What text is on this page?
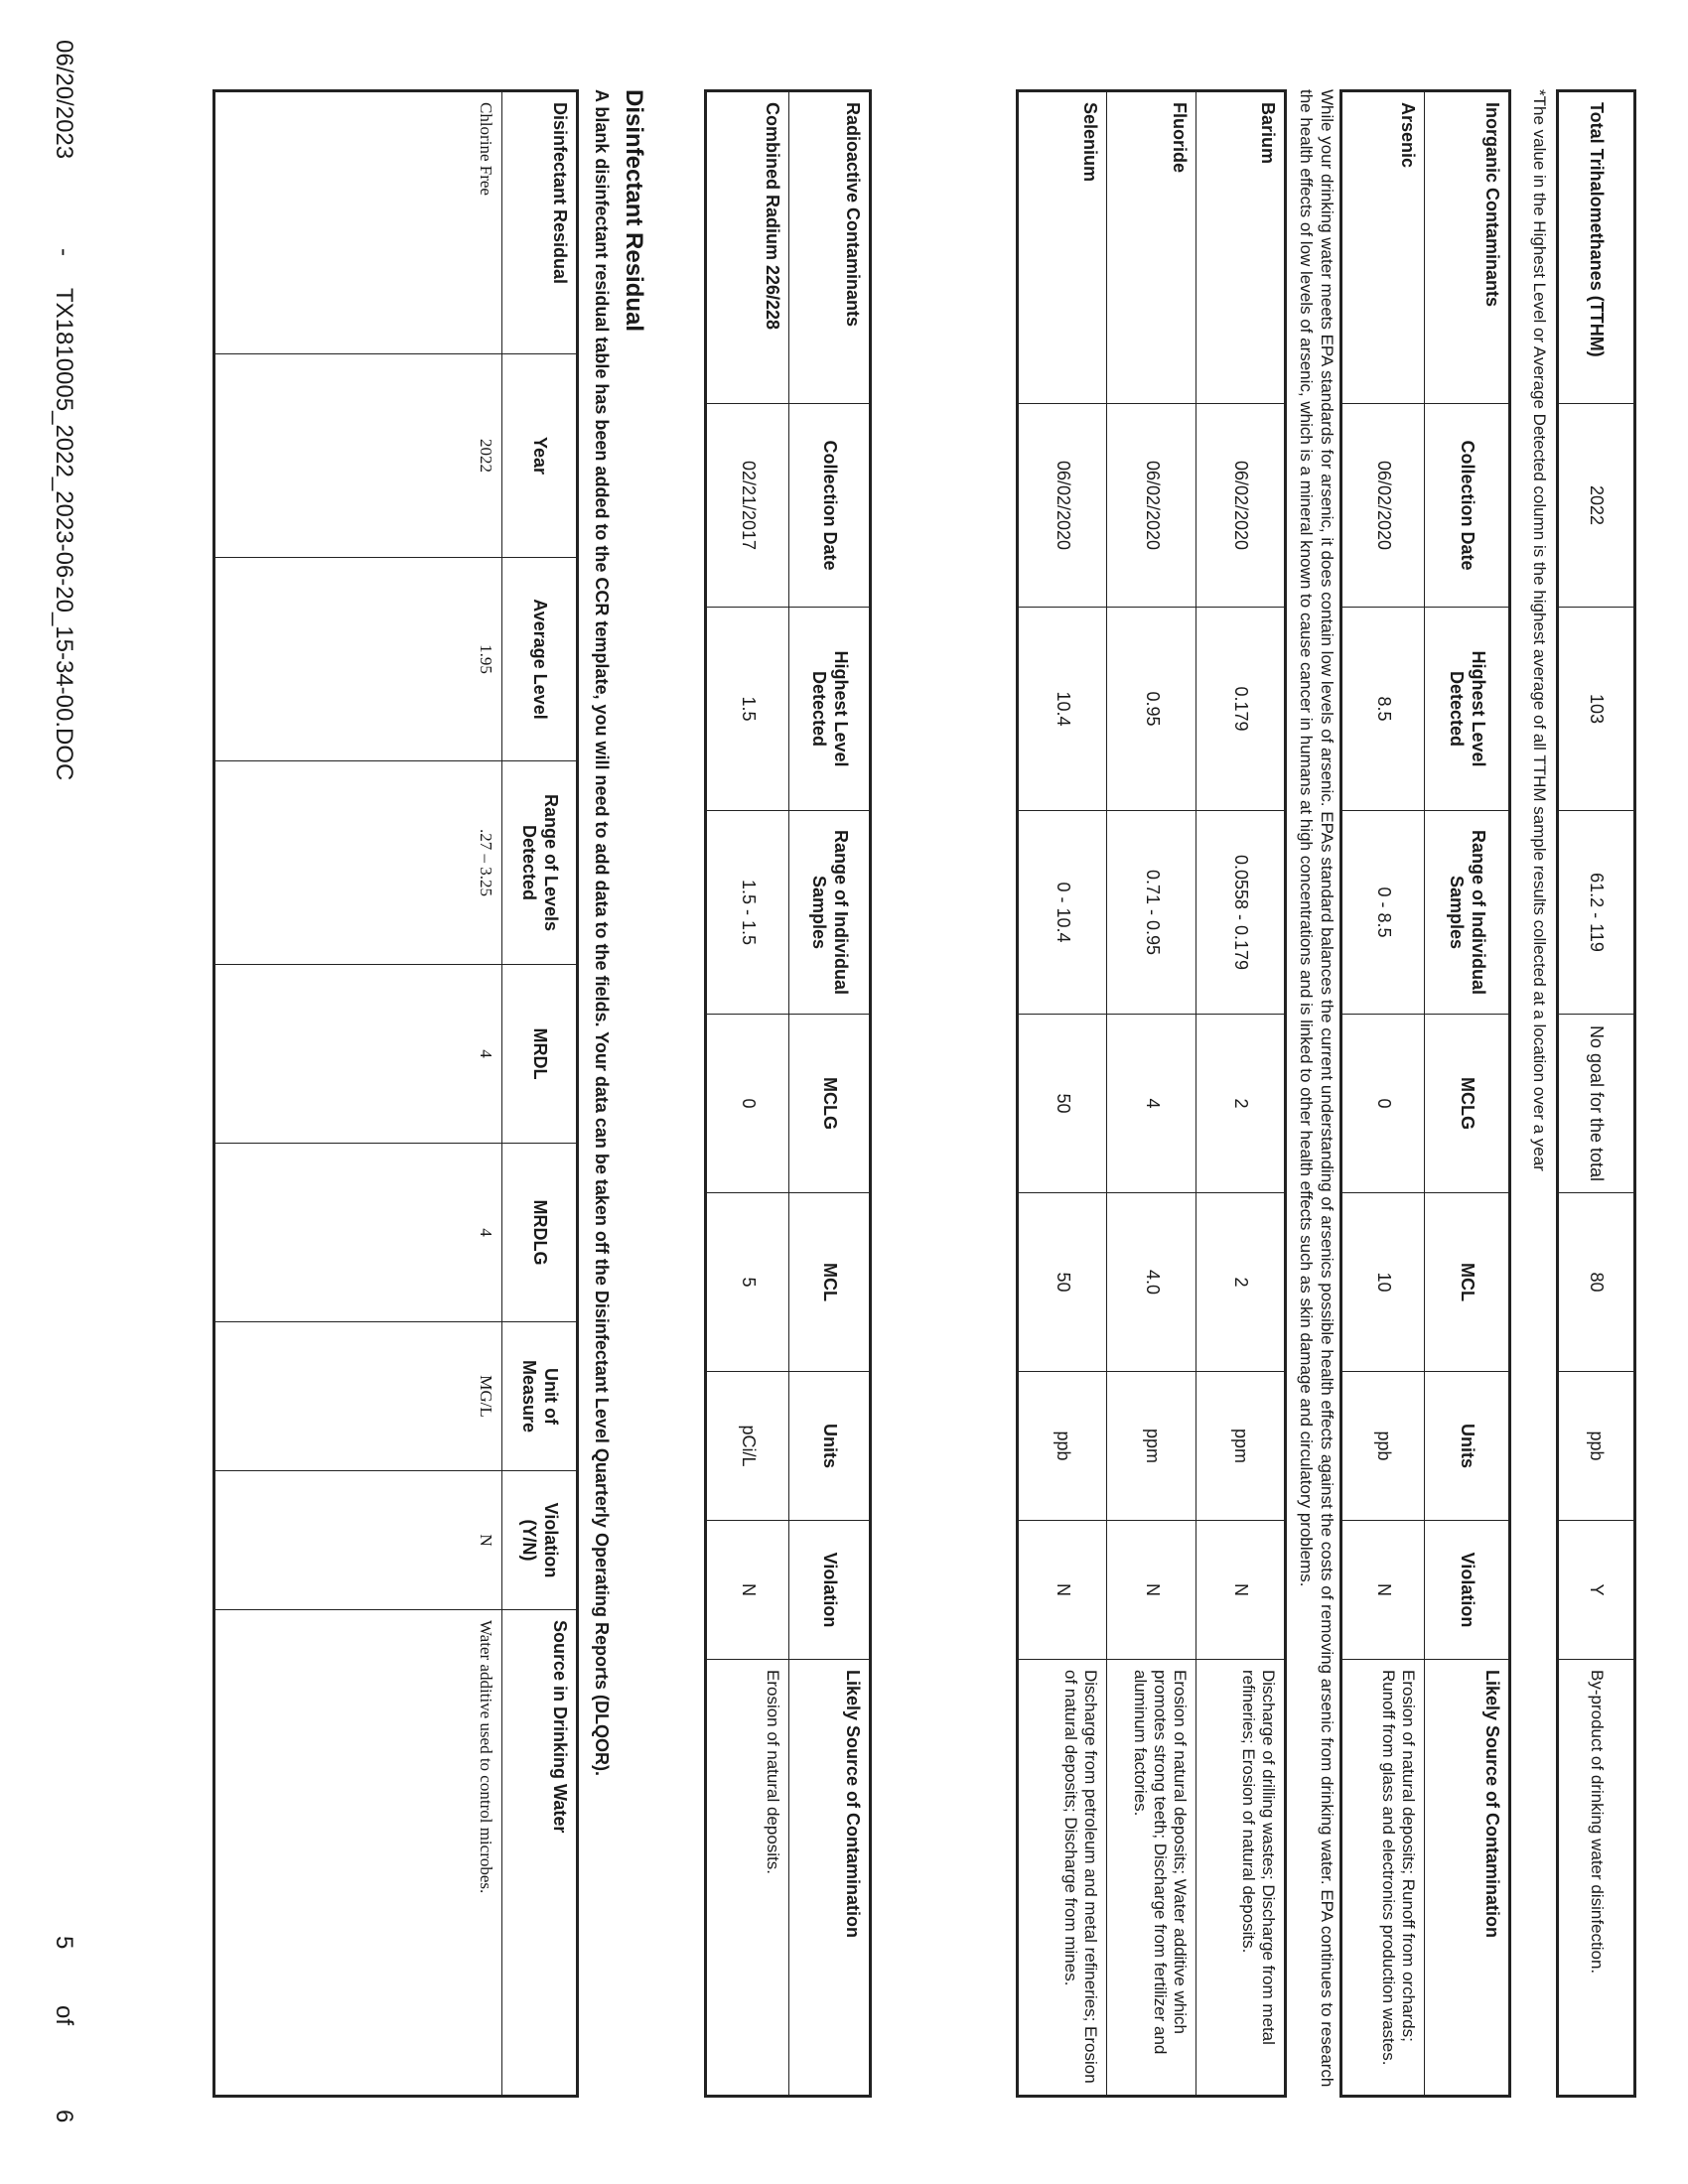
Total Trihalomethanes (TTHM)	2022	103	61.2 - 119	No goal for the total	80	ppb	Y	By-product of drinking water disinfection.

*The value in the Highest Level or Average Detected column is the highest average of all TTHM sample results collected at a location over a year

Inorganic Contaminants	Collection Date	Highest Level Detected	Range of Individual Samples	MCLG	MCL	Units	Violation	Likely Source of Contamination
Arsenic	06/02/2020	8.5	0 - 8.5	0	10	ppb	N	Erosion of natural deposits; Runoff from orchards; Runoff from glass and electronics production wastes.

While your drinking water meets EPA standards for arsenic, it does contain low levels of arsenic. EPAs standard balances the current understanding of arsenics possible health effects against the costs of removing arsenic from drinking water. EPA continues to research the health effects of low levels of arsenic, which is a mineral known to cause cancer in humans at high concentrations and is linked to other health effects such as skin damage and circulatory problems.

Barium	06/02/2020	0.179	0.0558 - 0.179	2	2	ppm	N	Discharge of drilling wastes; Discharge from metal refineries; Erosion of natural deposits.
Fluoride	06/02/2020	0.95	0.71 - 0.95	4	4.0	ppm	N	Erosion of natural deposits; Water additive which promotes strong teeth; Discharge from fertilizer and aluminum factories.
Selenium	06/02/2020	10.4	0 - 10.4	50	50	ppb	N	Discharge from petroleum and metal refineries; Erosion of natural deposits; Discharge from mines.
Radioactive Contaminants	Collection Date	Highest Level Detected	Range of Individual Samples	MCLG	MCL	Units	Violation	Likely Source of Contamination
Combined Radium 226/228	02/21/2017	1.5	1.5 - 1.5	0	5	pCi/L	N	Erosion of natural deposits.

Disinfectant Residual

A blank disinfectant residual table has been added to the CCR template, you will need to add data to the fields. Your data can be taken off the Disinfectant Level Quarterly Operating Reports (DLQOR).

Disinfectant Residual	Year	Average Level	Range of Levels Detected	MRDL	MRDLG	Unit of Measure	Violation (Y/N)	Source in Drinking Water
Chlorine Free	2022	1.95	.27 – 3.25	4	4	MG/L	N	Water additive used to control microbes.
06/20/2023
-
TX1810005_2022_2023-06-20_15-34-00.DOC
5
of
6
